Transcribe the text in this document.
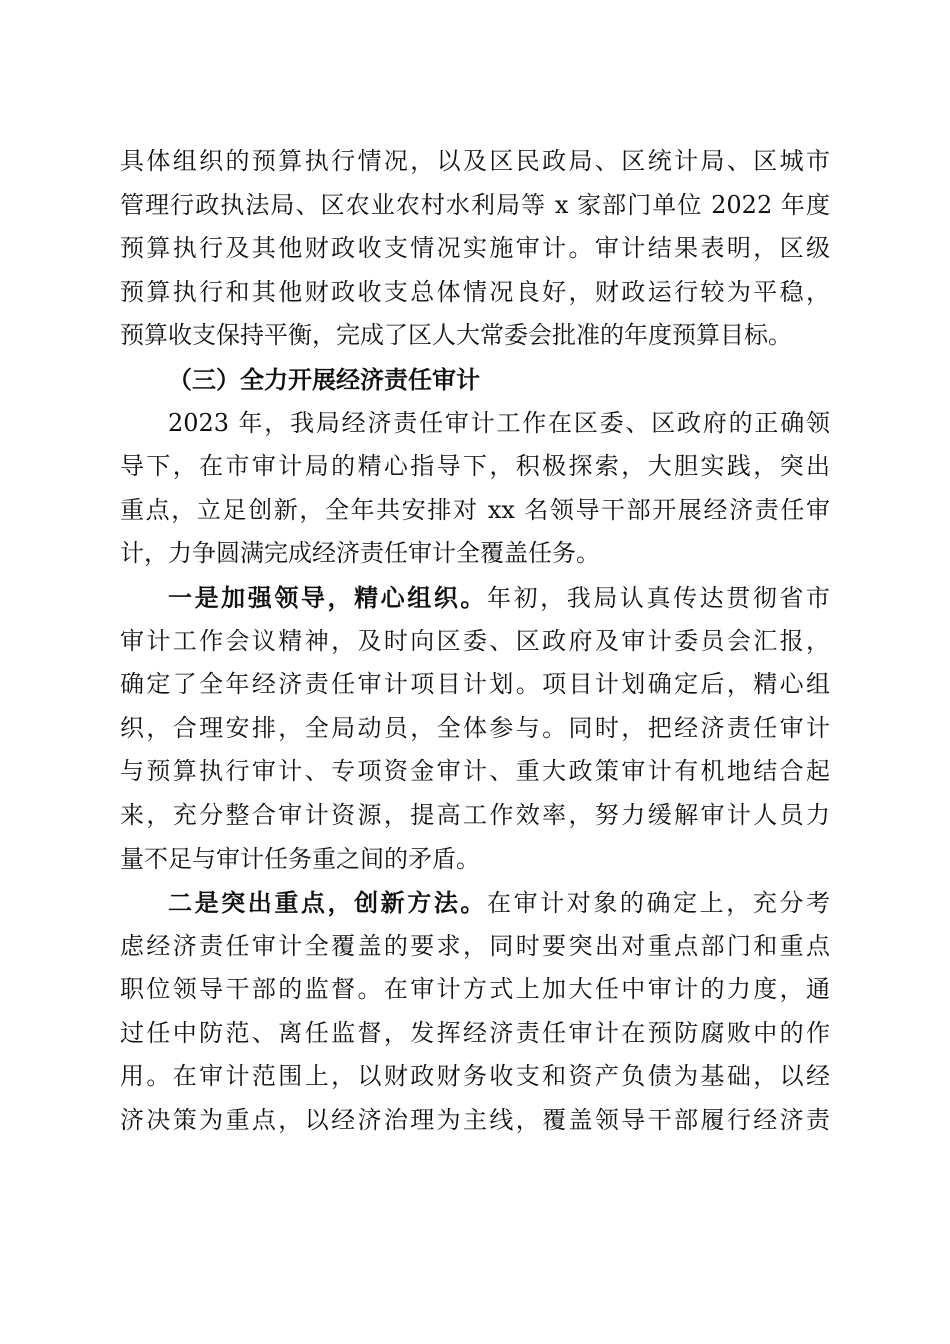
具体组织的预算执行情况，以及区民政局、区统计局、区城市
管理行政执法局、区农业农村水利局等 x 家部门单位 2022 年度
预算执行及其他财政收支情况实施审计。审计结果表明，区级
预算执行和其他财政收支总体情况良好，财政运行较为平稳，
预算收支保持平衡，完成了区人大常委会批准的年度预算目标。
（三）全力开展经济责任审计
2023 年，我局经济责任审计工作在区委、区政府的正确领
导下，在市审计局的精心指导下，积极探索，大胆实践，突出
重点，立足创新，全年共安排对 xx 名领导干部开展经济责任审
计，力争圆满完成经济责任审计全覆盖任务。
一是加强领导，精心组织。年初，我局认真传达贯彻省市
审计工作会议精神，及时向区委、区政府及审计委员会汇报，
确定了全年经济责任审计项目计划。项目计划确定后，精心组
织，合理安排，全局动员，全体参与。同时，把经济责任审计
与预算执行审计、专项资金审计、重大政策审计有机地结合起
来，充分整合审计资源，提高工作效率，努力缓解审计人员力
量不足与审计任务重之间的矛盾。
二是突出重点，创新方法。在审计对象的确定上，充分考
虑经济责任审计全覆盖的要求，同时要突出对重点部门和重点
职位领导干部的监督。在审计方式上加大任中审计的力度，通
过任中防范、离任监督，发挥经济责任审计在预防腐败中的作
用。在审计范围上，以财政财务收支和资产负债为基础，以经
济决策为重点，以经济治理为主线，覆盖领导干部履行经济责
